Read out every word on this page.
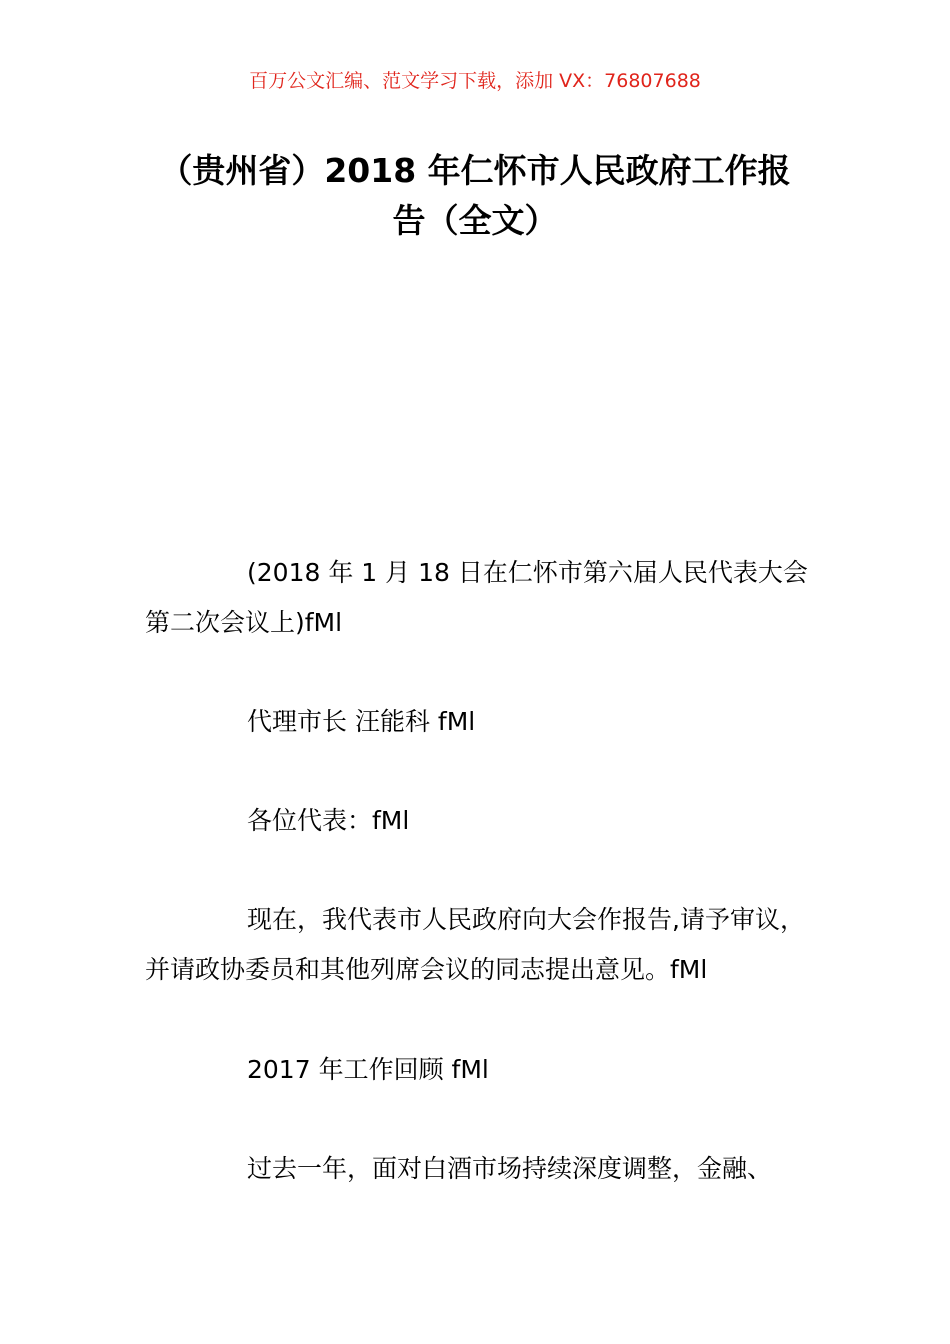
百万公文汇编、范文学习下载，添加 VX：76807688
（贵州省）2018 年仁怀市人民政府工作报
告（全文）

(2018 年 1 月 18 日在仁怀市第六届人民代表大会
第二次会议上)fMl

代理市长 汪能科 fMl

各位代表：fMl

现在，我代表市人民政府向大会作报告,请予审议，
并请政协委员和其他列席会议的同志提出意见。fMl

2017 年工作回顾 fMl

过去一年，面对白酒市场持续深度调整，金融、
